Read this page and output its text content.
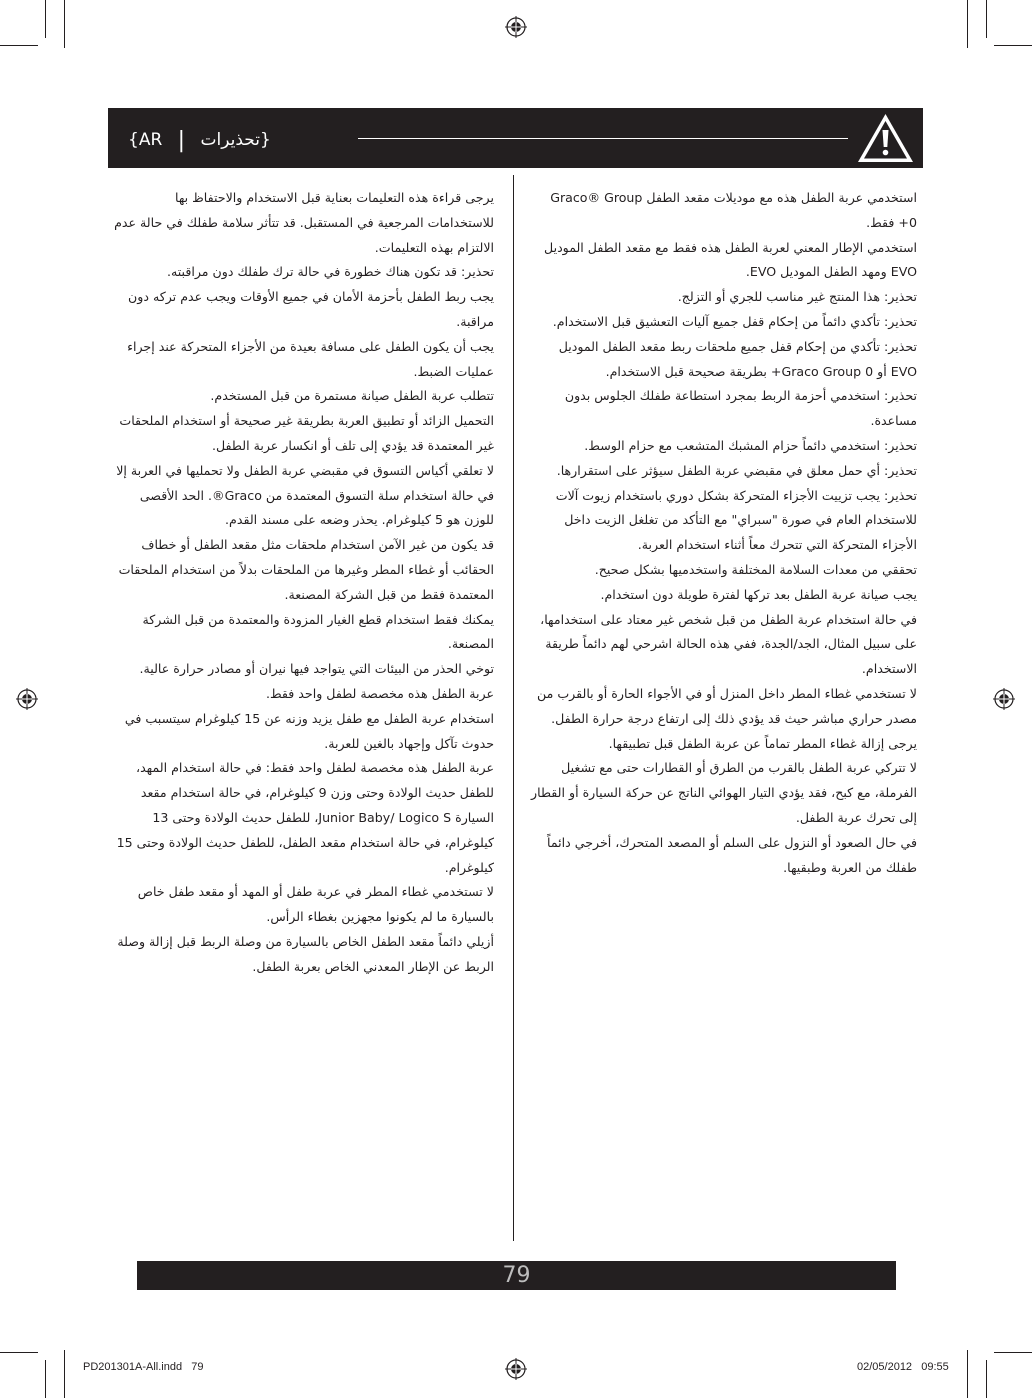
{AR | تحذيرات}

استخدمي عربة الطفل هذه مع موديلات مقعد الطفل Graco® Group 0+ فقط.

استخدمي الإطار المعني لعربة الطفل هذه فقط مع مقعد الطفل الموديل EVO ومهد الطفل الموديل EVO.

تحذير: هذا المنتج غير مناسب للجري أو التزلج.

تحذير: تأكدي دائماً من إحكام قفل جميع آليات التعشيق قبل الاستخدام.

تحذير: تأكدي من إحكام قفل جميع ملحقات ربط مقعد الطفل الموديل EVO أو Graco Group 0+ بطريقة صحيحة قبل الاستخدام.

تحذير: استخدمي أحزمة الربط بمجرد استطاعة طفلك الجلوس بدون مساعدة.

تحذير: استخدمي دائماً حزام المشبك المتشعب مع حزام الوسط.

تحذير: أي حمل معلق في مقبضي عربة الطفل سيؤثر على استقرارها.

تحذير: يجب تزييت الأجزاء المتحركة بشكل دوري باستخدام زيوت آلات للاستخدام العام في صورة "سبراي" مع التأكد من تغلغل الزيت داخل الأجزاء المتحركة التي تتحرك معاً أثناء استخدام العربة.

تحققي من معدات السلامة المختلفة واستخدميها بشكل صحيح.

يجب صيانة عربة الطفل بعد تركها لفترة طويلة دون استخدام.

في حالة استخدام عربة الطفل من قبل شخص غير معتاد على استخدامها، على سبيل المثال، الجد/الجدة، ففي هذه الحالة اشرحي لهم دائماً طريقة الاستخدام.

لا تستخدمي غطاء المطر داخل المنزل أو في الأجواء الحارة أو بالقرب من مصدر حراري مباشر حيث قد يؤدي ذلك إلى ارتفاع درجة حرارة الطفل.

يرجى إزالة غطاء المطر تماماً عن عربة الطفل قبل تطبيقها.

لا تتركي عربة الطفل بالقرب من الطرق أو القطارات حتى مع تشغيل الفرملة، مع كبح، فقد يؤدي التيار الهوائي الناتج عن حركة السيارة أو القطار إلى تحرك عربة الطفل.

في حال الصعود أو النزول على السلم أو المصعد المتحرك، أخرجي دائماً طفلك من العربة وطبقيها.

يرجى قراءة هذه التعليمات بعناية قبل الاستخدام والاحتفاظ بها للاستخدامات المرجعية في المستقبل. قد تتأثر سلامة طفلك في حالة عدم الالتزام بهذه التعليمات.

تحذير: قد تكون هناك خطورة في حالة ترك طفلك دون مراقبته.

يجب ربط الطفل بأحزمة الأمان في جميع الأوقات ويجب عدم تركه دون مراقبة.

يجب أن يكون الطفل على مسافة بعيدة من الأجزاء المتحركة عند إجراء عمليات الضبط.

تتطلب عربة الطفل صيانة مستمرة من قبل المستخدم.

التحميل الزائد أو تطبيق العربة بطريقة غير صحيحة أو استخدام الملحقات غير المعتمدة قد يؤدي إلى تلف أو انكسار عربة الطفل.

لا تعلقي أكياس التسوق في مقبضي عربة الطفل ولا تحمليها في العربة إلا في حالة استخدام سلة التسوق المعتمدة من Graco®. الحد الأقصى للوزن هو 5 كيلوغرام. يحذر وضعه على مسند القدم.

قد يكون من غير الآمن استخدام ملحقات مثل مقعد الطفل أو خطاف الحقائب أو غطاء المطر وغيرها من الملحقات بدلاً من استخدام الملحقات المعتمدة فقط من قبل الشركة المصنعة.

يمكنك فقط استخدام قطع الغيار المزودة والمعتمدة من قبل الشركة المصنعة.

توخي الحذر من البيئات التي يتواجد فيها نيران أو مصادر حرارة عالية.

عربة الطفل هذه مخصصة لطفل واحد فقط.

استخدام عربة الطفل مع طفل يزيد وزنه عن 15 كيلوغرام سيتسبب في حدوث تآكل وإجهاد بالغين للعربة.

عربة الطفل هذه مخصصة لطفل واحد فقط: في حالة استخدام المهد، للطفل حديث الولادة وحتى وزن 9 كيلوغرام، في حالة استخدام مقعد السيارة Junior Baby/ Logico S، للطفل حديث الولادة وحتى 13 كيلوغرام، في حالة استخدام مقعد الطفل، للطفل حديث الولادة وحتى 15 كيلوغرام.

لا تستخدمي غطاء المطر في عربة طفل أو المهد أو مقعد طفل خاص بالسيارة ما لم يكونوا مجهزين بغطاء الرأس.

أزيلي دائماً مقعد الطفل الخاص بالسيارة من وصلة الربط قبل إزالة وصلة الربط عن الإطار المعدني الخاص بعربة الطفل.

79
PD201301A-All.indd   79	02/05/2012   09:55
